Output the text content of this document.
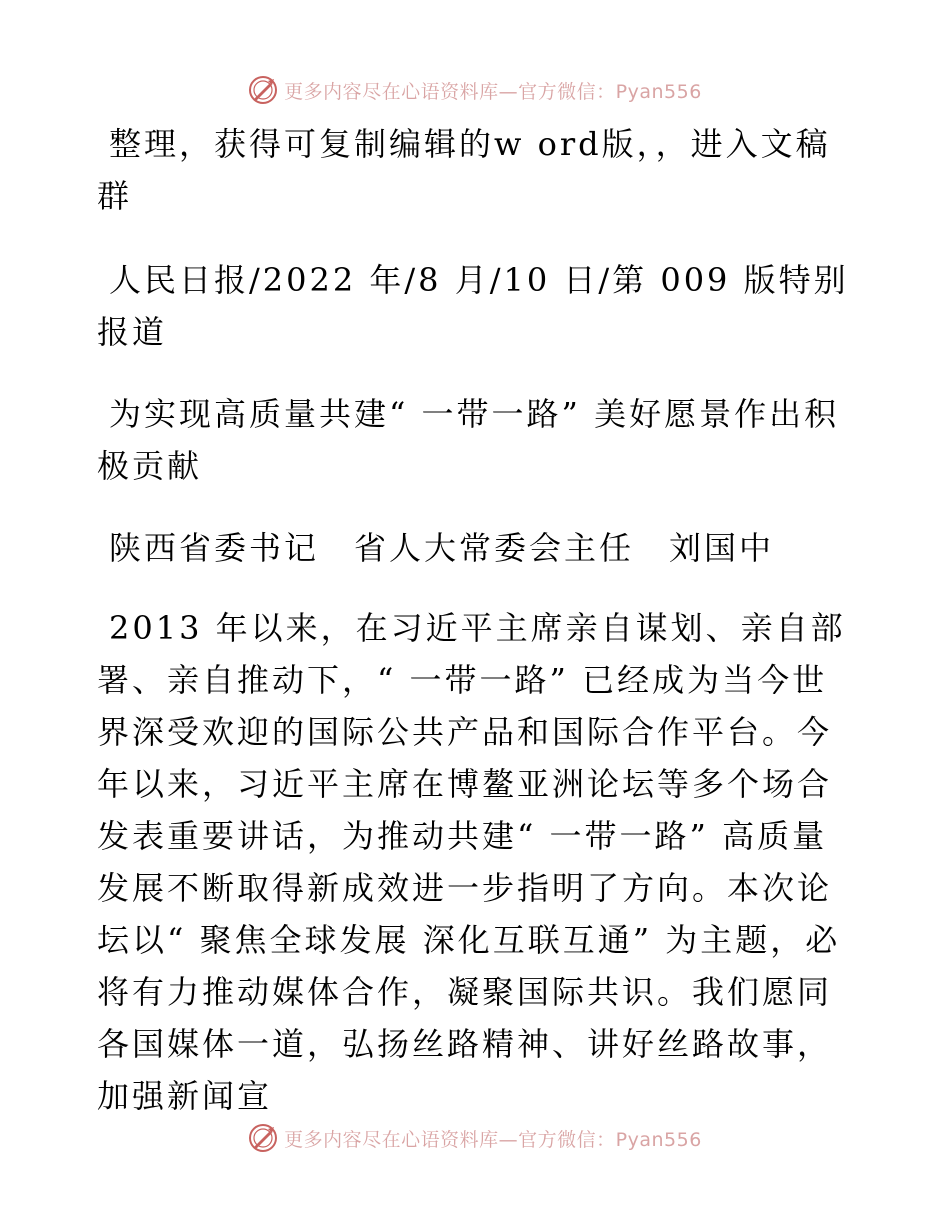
更多内容尽在心语资料库—官方微信：Pyan556

整理，获得可复制编辑的w ord版，，进入文稿群

人民日报/2022 年/8 月/10 日/第 009 版特别报道

为实现高质量共建“ 一带一路” 美好愿景作出积极贡献

陕西省委书记　省人大常委会主任　刘国中

2013 年以来，在习近平主席亲自谋划、亲自部署、亲自推动下，“ 一带一路” 已经成为当今世界深受欢迎的国际公共产品和国际合作平台。今年以来，习近平主席在博鳌亚洲论坛等多个场合发表重要讲话，为推动共建“ 一带一路” 高质量发展不断取得新成效进一步指明了方向。本次论坛以“ 聚焦全球发展 深化互联互通” 为主题，必将有力推动媒体合作，凝聚国际共识。我们愿同各国媒体一道，弘扬丝路精神、讲好丝路故事，加强新闻宣

更多内容尽在心语资料库—官方微信：Pyan556
